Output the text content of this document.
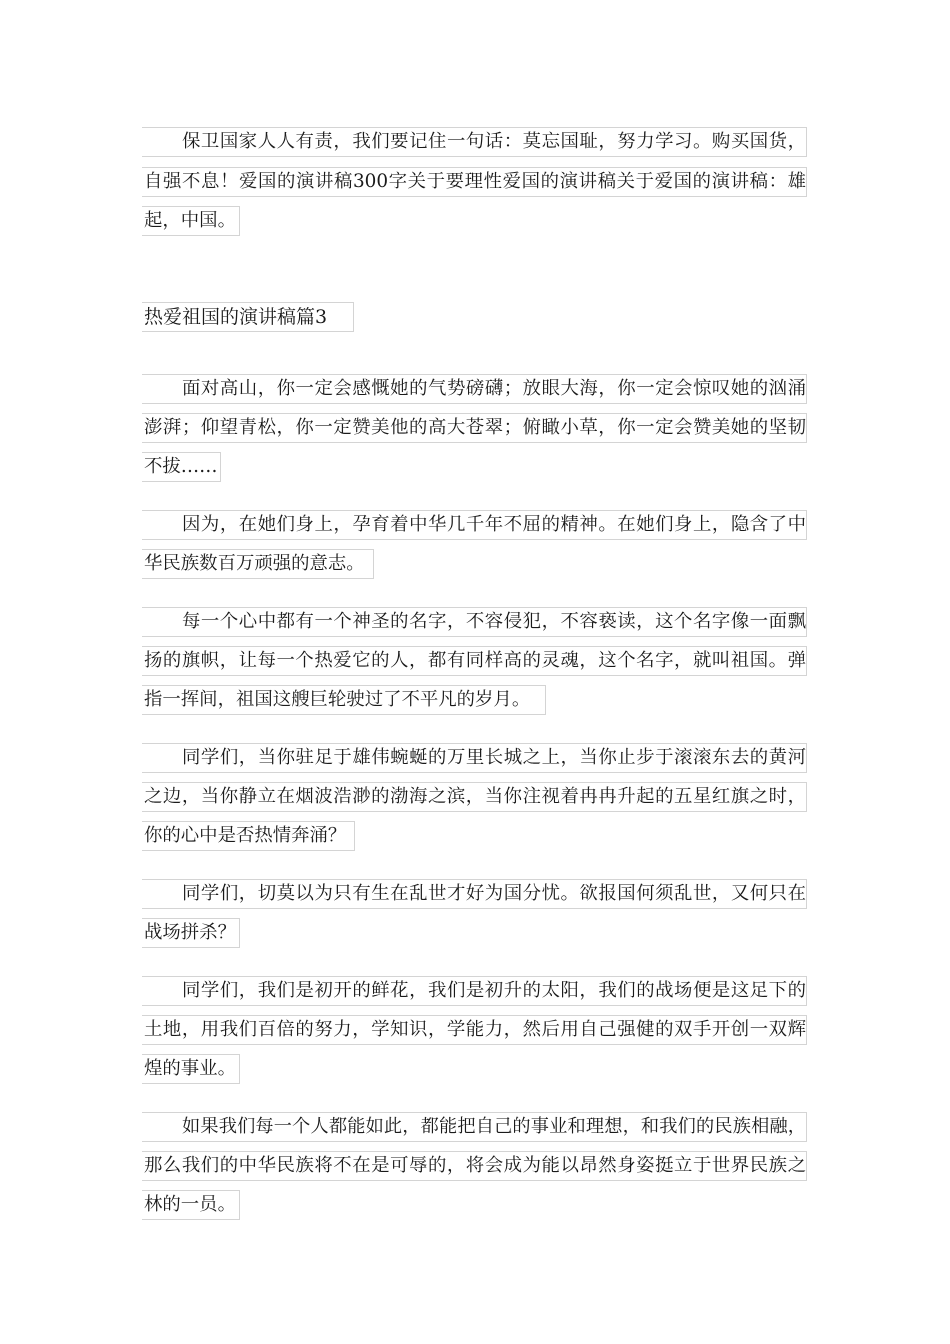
保卫国家人人有责，我们要记住一句话：莫忘国耻，努力学习。购买国货，
自强不息！爱国的演讲稿300字关于要理性爱国的演讲稿关于爱国的演讲稿：雄
起，中国。
热爱祖国的演讲稿篇3
面对高山，你一定会感慨她的气势磅礴；放眼大海，你一定会惊叹她的汹涌
澎湃；仰望青松，你一定赞美他的高大苍翠；俯瞰小草，你一定会赞美她的坚韧
不拔……
因为，在她们身上，孕育着中华几千年不屈的精神。在她们身上，隐含了中
华民族数百万顽强的意志。
每一个心中都有一个神圣的名字，不容侵犯，不容亵读，这个名字像一面飘
扬的旗帜，让每一个热爱它的人，都有同样高的灵魂，这个名字，就叫祖国。弹
指一挥间，祖国这艘巨轮驶过了不平凡的岁月。
同学们，当你驻足于雄伟蜿蜒的万里长城之上，当你止步于滚滚东去的黄河
之边，当你静立在烟波浩渺的渤海之滨，当你注视着冉冉升起的五星红旗之时，
你的心中是否热情奔涌？
同学们，切莫以为只有生在乱世才好为国分忧。欲报国何须乱世，又何只在
战场拼杀？
同学们，我们是初开的鲜花，我们是初升的太阳，我们的战场便是这足下的
土地，用我们百倍的努力，学知识，学能力，然后用自己强健的双手开创一双辉
煌的事业。
如果我们每一个人都能如此，都能把自己的事业和理想，和我们的民族相融，
那么我们的中华民族将不在是可辱的，将会成为能以昂然身姿挺立于世界民族之
林的一员。
